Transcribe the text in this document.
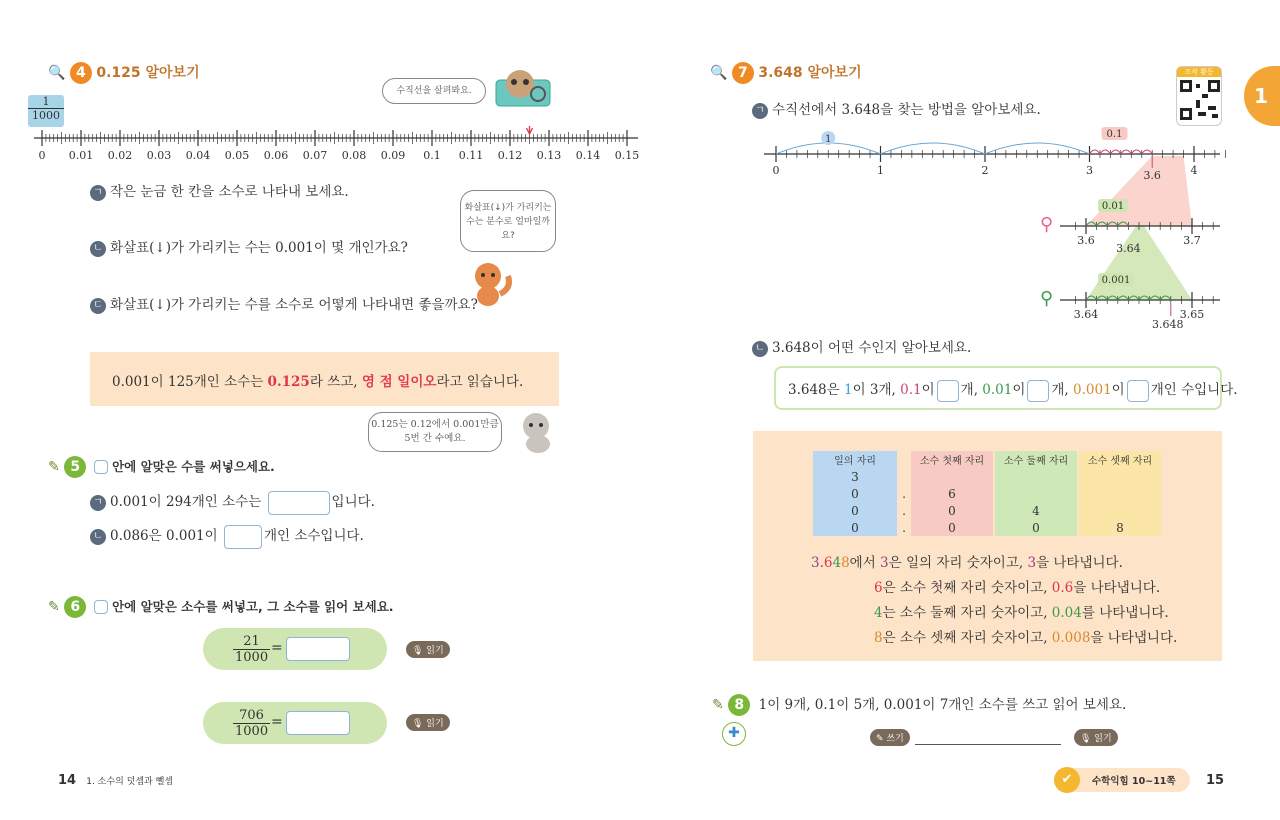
🔍 4 0.125 알아보기
수직선을 살펴봐요.
$\frac{1}{1000}$
0 0.01 0.02 0.03 0.04 0.05 0.06 0.07 0.08 0.09 0.1 0.11 0.12 0.13 0.14 0.15
ㄱ 작은 눈금 한 칸을 소수로 나타내 보세요.
ㄴ 화살표(↓)가 가리키는 수는 0.001이 몇 개인가요?
ㄷ 화살표(↓)가 가리키는 수를 소수로 어떻게 나타내면 좋을까요?
화살표(↓)가 가리키는 수는 분수로 얼마일까요?
0.001이 125개인 소수는 0.125라 쓰고, 영 점 일이오라고 읽습니다.
0.125는 0.12에서 0.001만큼 5번 간 수예요.
✎ 5	안에 알맞은 수를 써넣으세요.
ㄱ 0.001이 294개인 소수는	입니다.
ㄴ 0.086은 0.001이	개인 소수입니다.
✎ 6	안에 알맞은 소수를 써넣고, 그 소수를 읽어 보세요.
$\frac{21}{1000}$ =	🎙 읽기
$\frac{706}{1000}$ =	🎙 읽기
14 1. 소수의 덧셈과 뺄셈
🔍 7 3.648 알아보기	조작 활동
1
ㄱ 수직선에서 3.648을 찾는 방법을 알아보세요.
0	1	2	3	4
1	0.1
3.6
0.01
3.6	3.7
3.64
0.001
3.64	3.65
3.648
⚲
⚲
ㄴ 3.648이 어떤 수인지 알아보세요.
3.648은 1이 3개, 0.1이 개, 0.01이 개, 0.001이 개인 수입니다.
일의 자리		소수 첫째 자리	소수 둘째 자리	소수 셋째 자리
3				
0	.	6		
0	.	0	4	
0	.	0	0	8
3.648에서 3은 일의 자리 숫자이고, 3을 나타냅니다.
6은 소수 첫째 자리 숫자이고, 0.6을 나타냅니다.
4는 소수 둘째 자리 숫자이고, 0.04를 나타냅니다.
8은 소수 셋째 자리 숫자이고, 0.008을 나타냅니다.
✎ 8 1이 9개, 0.1이 5개, 0.001이 7개인 소수를 쓰고 읽어 보세요.
✚	✎ 쓰기	🎙 읽기
✔	수학익힘 10~11쪽 15
